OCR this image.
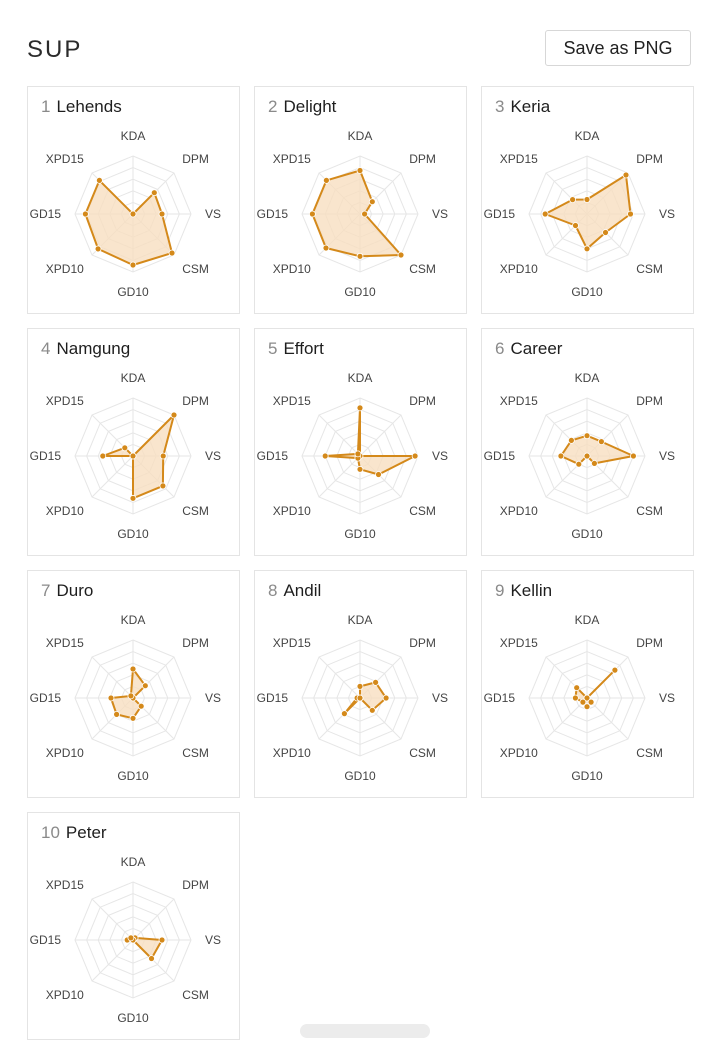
SUP	Save as PNG
1 Lehends
KDA
DPM
VS
CSM
GD10
XPD10
GD15
XPD15
2 Delight
KDA
DPM
VS
CSM
GD10
XPD10
GD15
XPD15
3 Keria
KDA
DPM
VS
CSM
GD10
XPD10
GD15
XPD15
4 Namgung
KDA
DPM
VS
CSM
GD10
XPD10
GD15
XPD15
5 Effort
KDA
DPM
VS
CSM
GD10
XPD10
GD15
XPD15
6 Career
KDA
DPM
VS
CSM
GD10
XPD10
GD15
XPD15
7 Duro
KDA
DPM
VS
CSM
GD10
XPD10
GD15
XPD15
8 Andil
KDA
DPM
VS
CSM
GD10
XPD10
GD15
XPD15
9 Kellin
KDA
DPM
VS
CSM
GD10
XPD10
GD15
XPD15
10 Peter
KDA
DPM
VS
CSM
GD10
XPD10
GD15
XPD15
